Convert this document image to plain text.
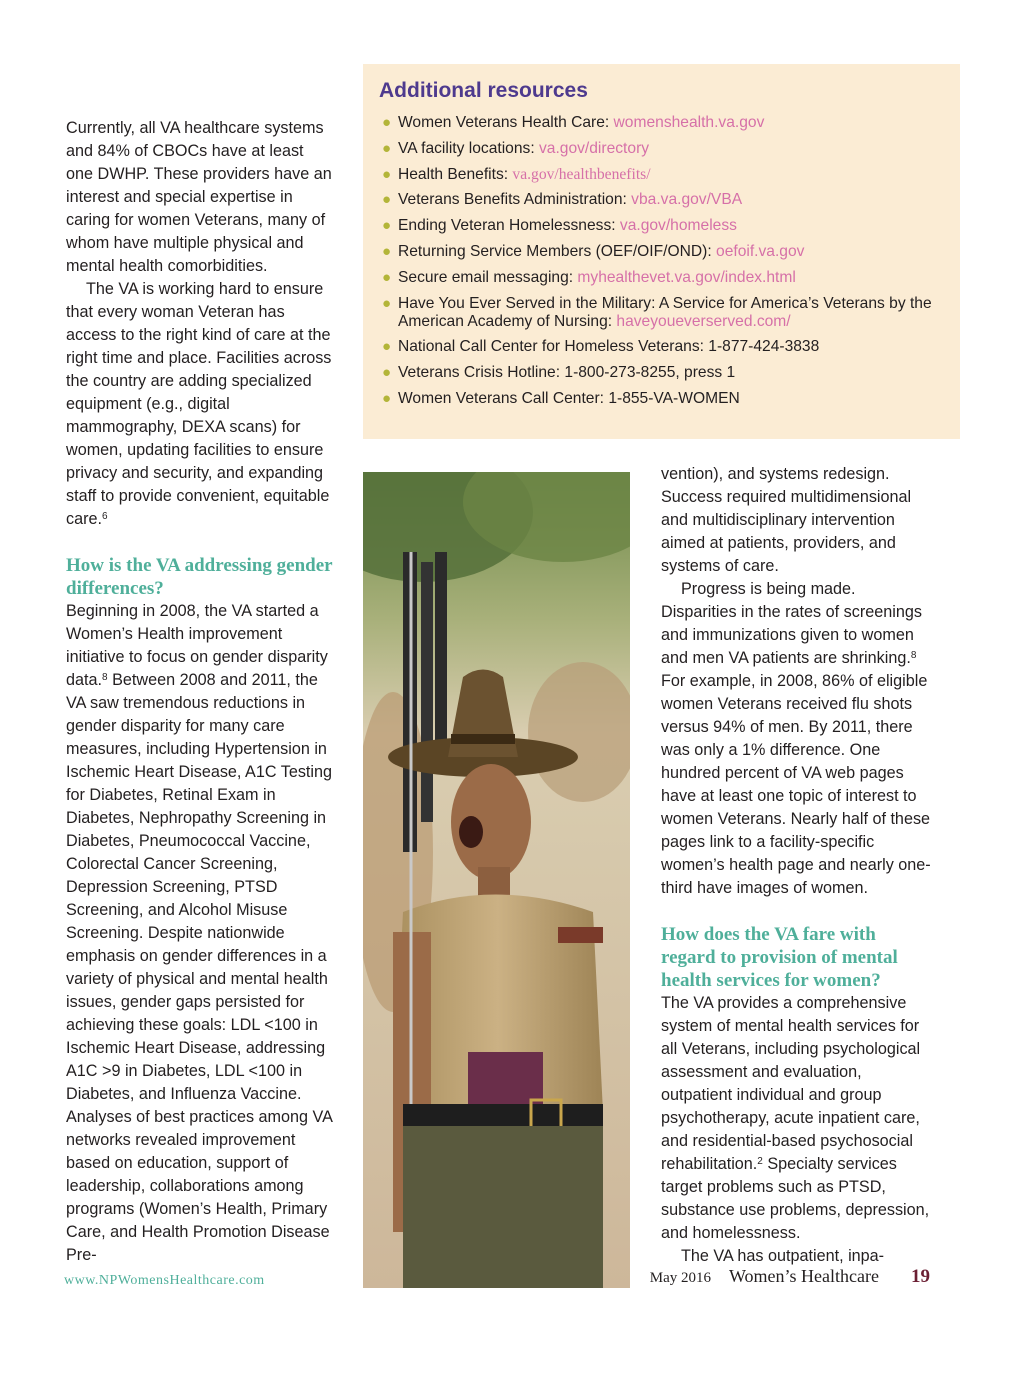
Currently, all VA healthcare systems and 84% of CBOCs have at least one DWHP. These providers have an interest and special expertise in caring for women Veterans, many of whom have multiple physical and mental health comorbidities.

The VA is working hard to ensure that every woman Veteran has access to the right kind of care at the right time and place. Facilities across the country are adding specialized equipment (e.g., digital mammography, DEXA scans) for women, updating facilities to ensure privacy and security, and expanding staff to provide convenient, equitable care.$^6$

How is the VA addressing gender differences?

Beginning in 2008, the VA started a Women’s Health improvement initiative to focus on gender disparity data.$^8$ Between 2008 and 2011, the VA saw tremendous reductions in gender disparity for many care measures, including Hypertension in Ischemic Heart Disease, A1C Testing for Diabetes, Retinal Exam in Diabetes, Nephropathy Screening in Diabetes, Pneumococcal Vaccine, Colorectal Cancer Screening, Depression Screening, PTSD Screening, and Alcohol Misuse Screening. Despite nationwide emphasis on gender differences in a variety of physical and mental health issues, gender gaps persisted for achieving these goals: LDL <100 in Ischemic Heart Disease, addressing A1C >9 in Diabetes, LDL <100 in Diabetes, and Influenza Vaccine. Analyses of best practices among VA networks revealed improvement based on education, support of leadership, collaborations among programs (Women’s Health, Primary Care, and Health Promotion Disease Pre-

Additional resources
● Women Veterans Health Care: womenshealth.va.gov
● VA facility locations: va.gov/directory
● Health Benefits: va.gov/healthbenefits/
● Veterans Benefits Administration: vba.va.gov/VBA
● Ending Veteran Homelessness: va.gov/homeless
● Returning Service Members (OEF/OIF/OND): oefoif.va.gov
● Secure email messaging: myhealthevet.va.gov/index.html
● Have You Ever Served in the Military: A Service for America’s Veterans by the American Academy of Nursing: haveyoueverserved.com/
● National Call Center for Homeless Veterans: 1-877-424-3838
● Veterans Crisis Hotline: 1-800-273-8255, press 1
● Women Veterans Call Center: 1-855-VA-WOMEN

vention), and systems redesign. Success required multidimensional and multidisciplinary intervention aimed at patients, providers, and systems of care.

Progress is being made. Disparities in the rates of screenings and immunizations given to women and men VA patients are shrinking.$^8$ For example, in 2008, 86% of eligible women Veterans received flu shots versus 94% of men. By 2011, there was only a 1% difference. One hundred percent of VA web pages have at least one topic of interest to women Veterans. Nearly half of these pages link to a facility-specific women’s health page and nearly one-third have images of women.

How does the VA fare with regard to provision of mental health services for women?

The VA provides a comprehensive system of mental health services for all Veterans, including psychological assessment and evaluation, outpatient individual and group psychotherapy, acute inpatient care, and residential-based psychosocial rehabilitation.$^2$ Specialty services target problems such as PTSD, substance use problems, depression, and homelessness.

The VA has outpatient, inpa-

www.NPWomensHealthcare.com	May 2016 Women’s Healthcare 19
